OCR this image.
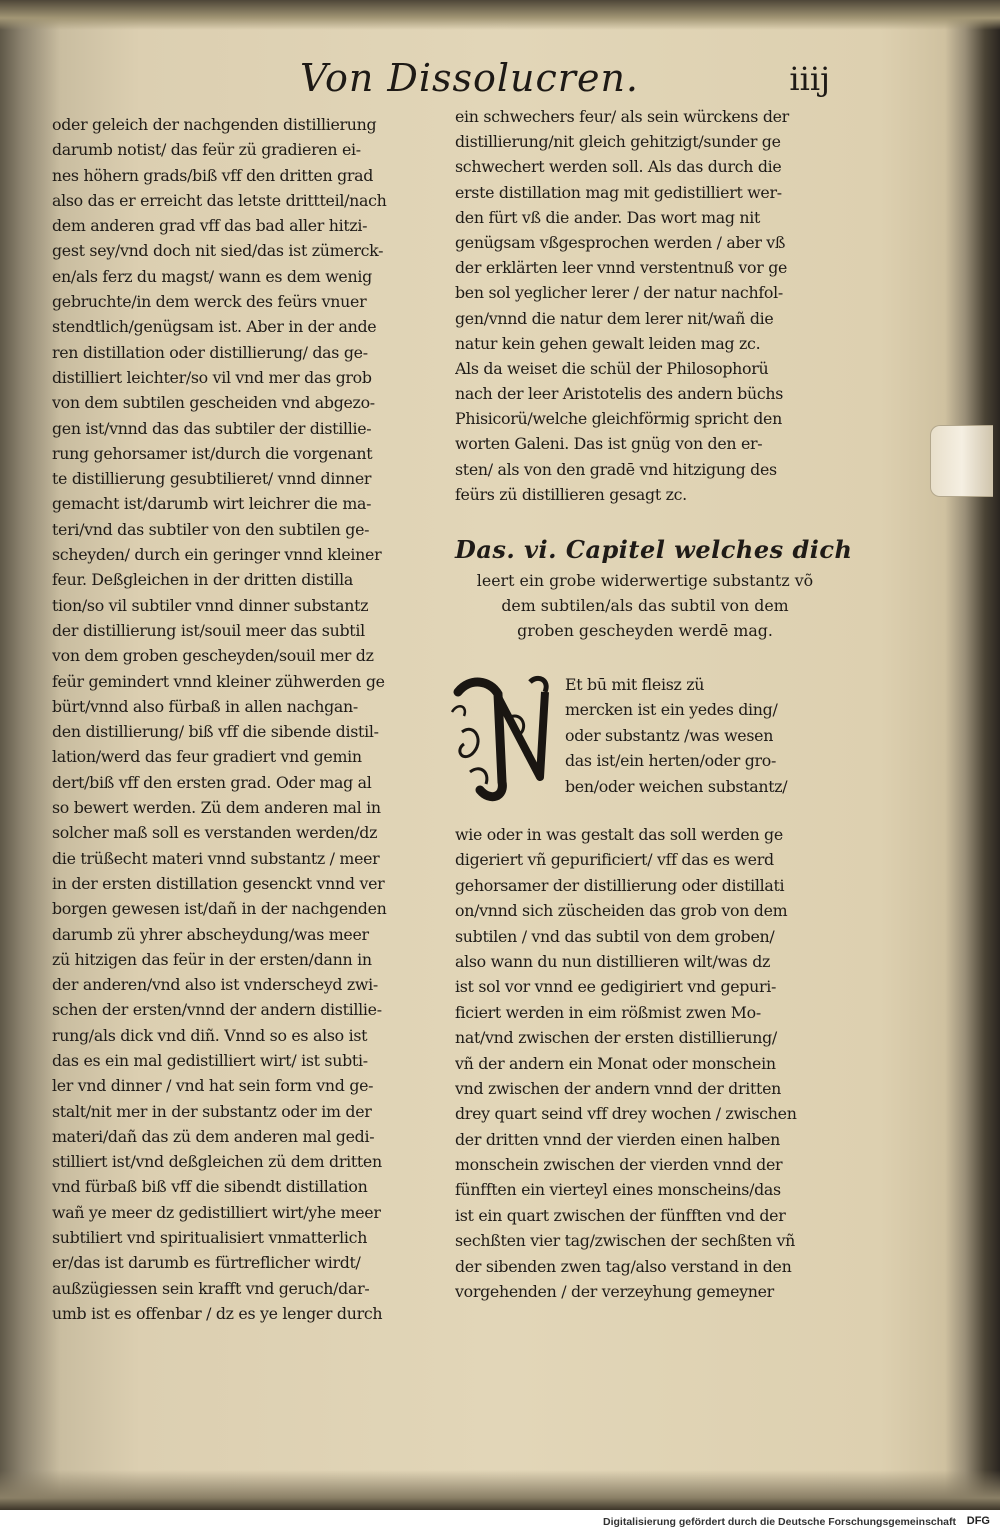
Von Dissolucren.	iiij
oder geleich der nachgenden distillierung
darumb notist/ das feür zü gradieren ei-
nes höhern grads/biß vff den dritten grad
also das er erreicht das letste drittteil/nach
dem anderen grad vff das bad aller hitzi-
gest sey/vnd doch nit sied/das ist zümerck-
en/als ferz du magst/ wann es dem wenig
gebruchte/in dem werck des feürs vnuer
stendtlich/genügsam ist. Aber in der ande
ren distillation oder distillierung/ das ge-
distilliert leichter/so vil vnd mer das grob
von dem subtilen gescheiden vnd abgezo-
gen ist/vnnd das das subtiler der distillie-
rung gehorsamer ist/durch die vorgenant
te distillierung gesubtilieret/ vnnd dinner
gemacht ist/darumb wirt leichrer die ma-
teri/vnd das subtiler von den subtilen ge-
scheyden/ durch ein geringer vnnd kleiner
feur. Deßgleichen in der dritten distilla
tion/so vil subtiler vnnd dinner substantz
der distillierung ist/souil meer das subtil
von dem groben gescheyden/souil mer dz
feür gemindert vnnd kleiner zühwerden ge
bürt/vnnd also fürbaß in allen nachgan-
den distillierung/ biß vff die sibende distil-
lation/werd das feur gradiert vnd gemin
dert/biß vff den ersten grad. Oder mag al
so bewert werden. Zü dem anderen mal in
solcher maß soll es verstanden werden/dz
die trüßecht materi vnnd substantz / meer
in der ersten distillation gesenckt vnnd ver
borgen gewesen ist/dañ in der nachgenden
darumb zü yhrer abscheydung/was meer
zü hitzigen das feür in der ersten/dann in
der anderen/vnd also ist vnderscheyd zwi-
schen der ersten/vnnd der andern distillie-
rung/als dick vnd diñ. Vnnd so es also ist
das es ein mal gedistilliert wirt/ ist subti-
ler vnd dinner / vnd hat sein form vnd ge-
stalt/nit mer in der substantz oder im der
materi/dañ das zü dem anderen mal gedi-
stilliert ist/vnd deßgleichen zü dem dritten
vnd fürbaß biß vff die sibendt distillation
wañ ye meer dz gedistilliert wirt/yhe meer
subtiliert vnd spiritualisiert vnmatterlich
er/das ist darumb es fürtreflicher wirdt/
außzügiessen sein krafft vnd geruch/dar-
umb ist es offenbar / dz es ye lenger durch
ein schwechers feur/ als sein würckens der
distillierung/nit gleich gehitzigt/sunder ge
schwechert werden soll. Als das durch die
erste distillation mag mit gedistilliert wer-
den fürt vß die ander. Das wort mag nit
genügsam vßgesprochen werden / aber vß
der erklärten leer vnnd verstentnuß vor ge
ben sol yeglicher lerer / der natur nachfol-
gen/vnnd die natur dem lerer nit/wañ die
natur kein gehen gewalt leiden mag zc.
Als da weiset die schül der Philosophorü
nach der leer Aristotelis des andern büchs
Phisicorü/welche gleichförmig spricht den
worten Galeni. Das ist gnüg von den er-
sten/ als von den gradē vnd hitzigung des
feürs zü distillieren gesagt zc.
Das. vi. Capitel welches dich
leert ein grobe widerwertige substantz võ
dem subtilen/als das subtil von dem
groben gescheyden werdē mag.
Et bū mit fleisz zü
mercken ist ein yedes ding/
oder substantz /was wesen
das ist/ein herten/oder gro-
ben/oder weichen substantz/
wie oder in was gestalt das soll werden ge
digeriert vñ gepurificiert/ vff das es werd
gehorsamer der distillierung oder distillati
on/vnnd sich züscheiden das grob von dem
subtilen / vnd das subtil von dem groben/
also wann du nun distillieren wilt/was dz
ist sol vor vnnd ee gedigiriert vnd gepuri-
ficiert werden in eim rößmist zwen Mo-
nat/vnd zwischen der ersten distillierung/
vñ der andern ein Monat oder monschein
vnd zwischen der andern vnnd der dritten
drey quart seind vff drey wochen / zwischen
der dritten vnnd der vierden einen halben
monschein zwischen der vierden vnnd der
fünfften ein vierteyl eines monscheins/das
ist ein quart zwischen der fünfften vnd der
sechßten vier tag/zwischen der sechßten vñ
der sibenden zwen tag/also verstand in den
vorgehenden / der verzeyhung gemeyner
Digitalisierung gefördert durch die Deutsche Forschungsgemeinschaft DFG
